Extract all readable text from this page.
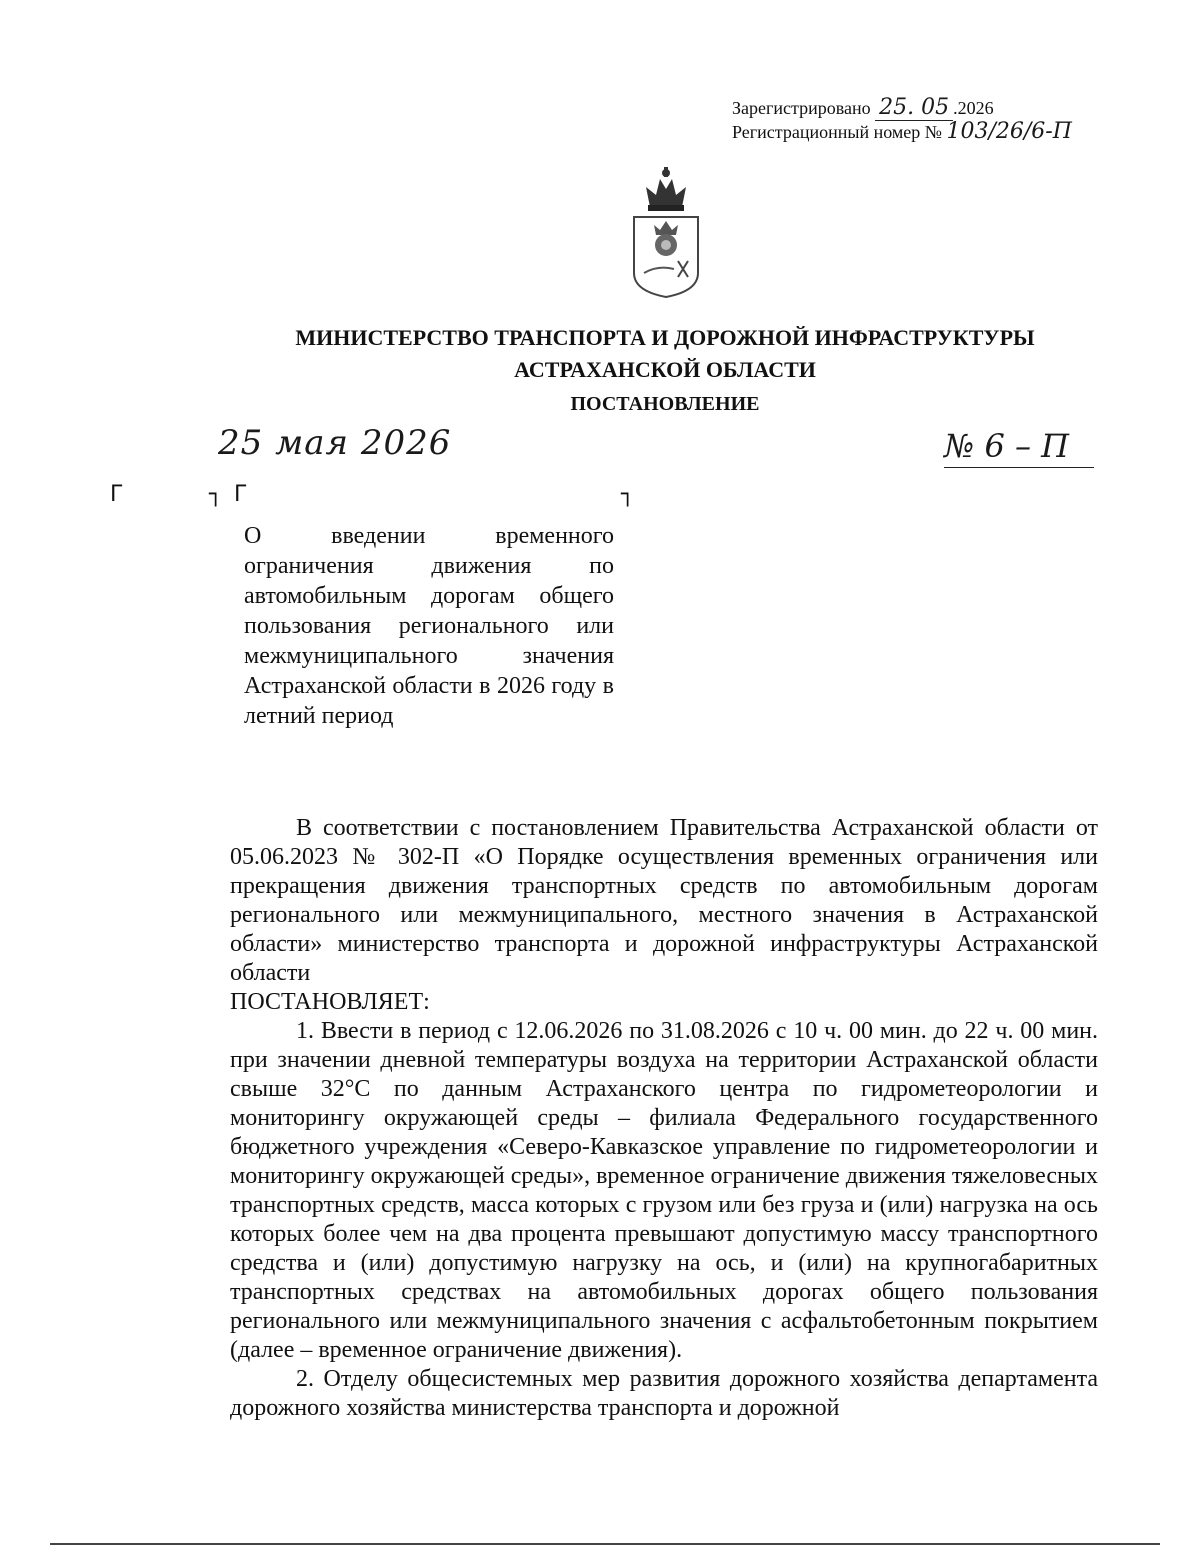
Зарегистрировано 25. 05 .2026
Регистрационный номер № 103/26/6-П
МИНИСТЕРСТВО ТРАНСПОРТА И ДОРОЖНОЙ ИНФРАСТРУКТУРЫ
АСТРАХАНСКОЙ ОБЛАСТИ
ПОСТАНОВЛЕНИЕ
25 мая 2026	№ 6 – П
Г	┐ Г	┐
О введении временного ограничения движения по автомобильным дорогам общего пользования регионального или межмуниципального значения Астраханской области в 2026 году в летний период

В соответствии с постановлением Правительства Астраханской области от 05.06.2023 № 302-П «О Порядке осуществления временных ограничения или прекращения движения транспортных средств по автомобильным дорогам регионального или межмуниципального, местного значения в Астраханской области» министерство транспорта и дорожной инфраструктуры Астраханской области

ПОСТАНОВЛЯЕТ:

1. Ввести в период с 12.06.2026 по 31.08.2026 с 10 ч. 00 мин. до 22 ч. 00 мин. при значении дневной температуры воздуха на территории Астраханской области свыше 32°С по данным Астраханского центра по гидрометеорологии и мониторингу окружающей среды – филиала Федерального государственного бюджетного учреждения «Северо-Кавказское управление по гидрометеорологии и мониторингу окружающей среды», временное ограничение движения тяжеловесных транспортных средств, масса которых с грузом или без груза и (или) нагрузка на ось которых более чем на два процента превышают допустимую массу транспортного средства и (или) допустимую нагрузку на ось, и (или) на крупногабаритных транспортных средствах на автомобильных дорогах общего пользования регионального или межмуниципального значения с асфальтобетонным покрытием (далее – временное ограничение движения).

2. Отделу общесистемных мер развития дорожного хозяйства департамента дорожного хозяйства министерства транспорта и дорожной
